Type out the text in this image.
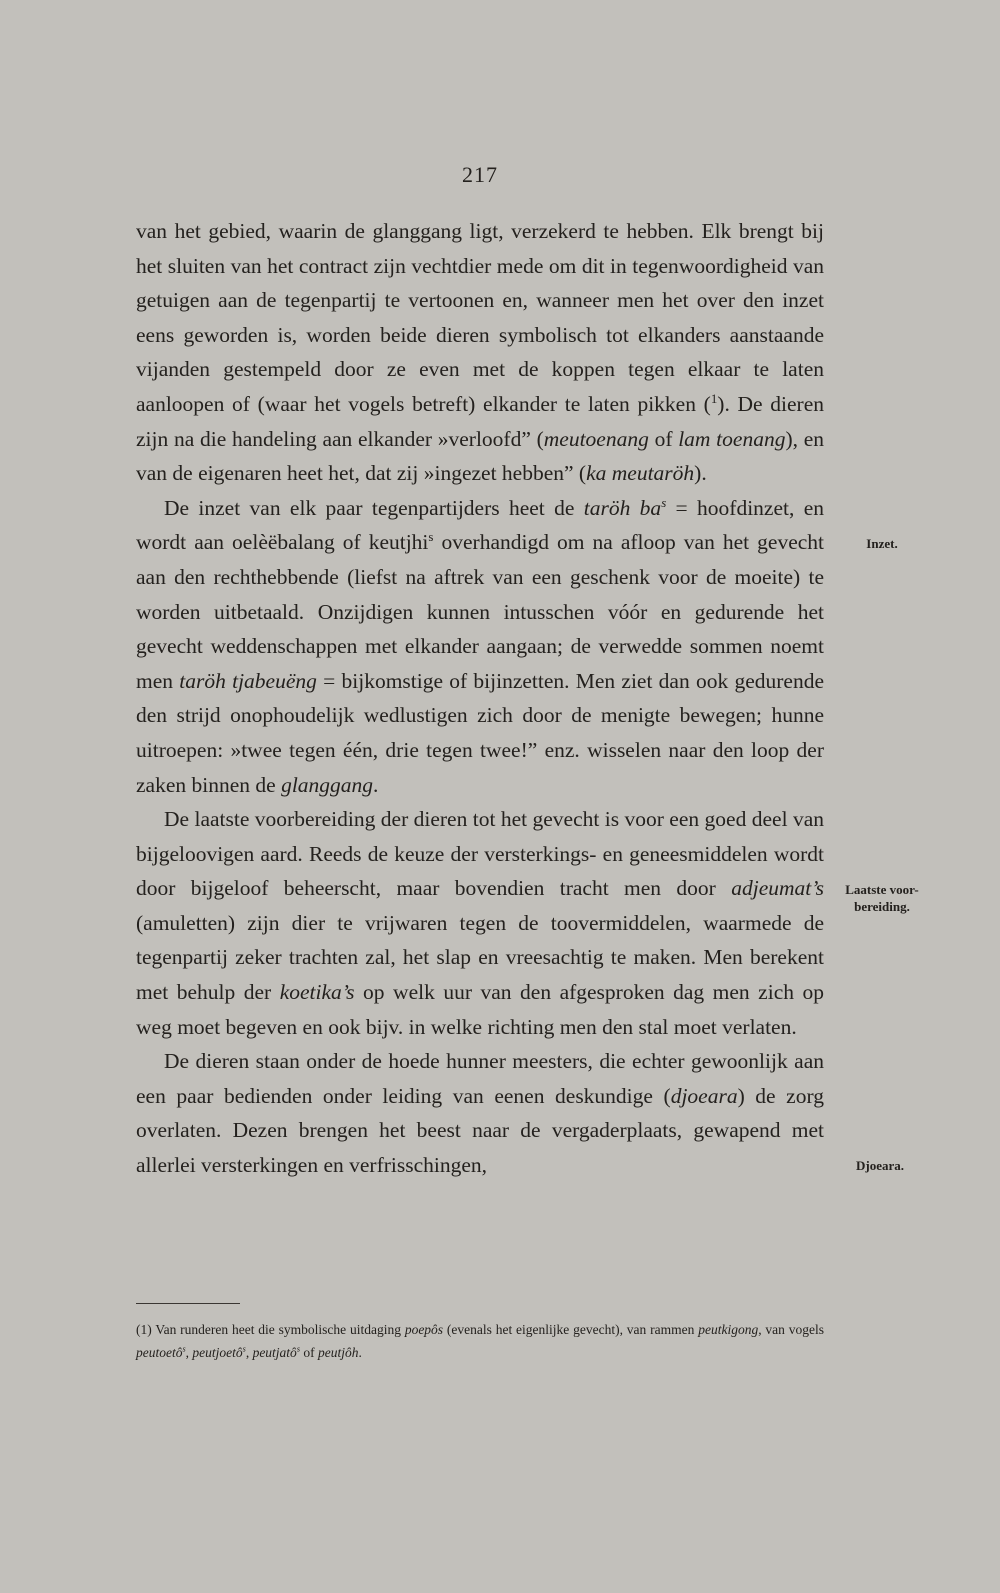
217

van het gebied, waarin de glanggang ligt, verzekerd te hebben. Elk brengt bij het sluiten van het contract zijn vechtdier mede om dit in tegenwoordigheid van getuigen aan de tegenpartij te vertoonen en, wanneer men het over den inzet eens geworden is, worden beide dieren symbolisch tot elkanders aanstaande vijanden gestempeld door ze even met de koppen tegen elkaar te laten aanloopen of (waar het vogels betreft) elkander te laten pikken ($^1$). De dieren zijn na die handeling aan elkander »verloofd” (meutoenang of lam toenang), en van de eigenaren heet het, dat zij »ingezet hebben” (ka meutaröh).

De inzet van elk paar tegenpartijders heet de taröh $ba^s$ = hoofdinzet, en wordt aan oelèëbalang of keutjhi$^s$ overhandigd om na afloop van het gevecht aan den rechthebbende (liefst na aftrek van een geschenk voor de moeite) te worden uitbetaald. Onzijdigen kunnen intusschen vóór en gedurende het gevecht weddenschappen met elkander aangaan; de verwedde sommen noemt men taröh tjabeuëng = bijkomstige of bijinzetten. Men ziet dan ook gedurende den strijd onophoudelijk wedlustigen zich door de menigte bewegen; hunne uitroepen: »twee tegen één, drie tegen twee!” enz. wisselen naar den loop der zaken binnen de glanggang.

De laatste voorbereiding der dieren tot het gevecht is voor een goed deel van bijgeloovigen aard. Reeds de keuze der versterkings- en geneesmiddelen wordt door bijgeloof beheerscht, maar bovendien tracht men door adjeumat’s (amuletten) zijn dier te vrijwaren tegen de toovermiddelen, waarmede de tegenpartij zeker trachten zal, het slap en vreesachtig te maken. Men berekent met behulp der koetika’s op welk uur van den afgesproken dag men zich op weg moet begeven en ook bijv. in welke richting men den stal moet verlaten.

De dieren staan onder de hoede hunner meesters, die echter gewoonlijk aan een paar bedienden onder leiding van eenen deskundige (djoeara) de zorg overlaten. Dezen brengen het beest naar de vergaderplaats, gewapend met allerlei versterkingen en verfrisschingen,

Inzet.
Laatste voor-bereiding.
Djoeara.
(1) Van runderen heet die symbolische uitdaging poepôs (evenals het eigenlijke gevecht), van rammen peutkigong, van vogels peutoetô$^s$, peutjoetô$^s$, peutjatô$^s$ of peutjôh.
